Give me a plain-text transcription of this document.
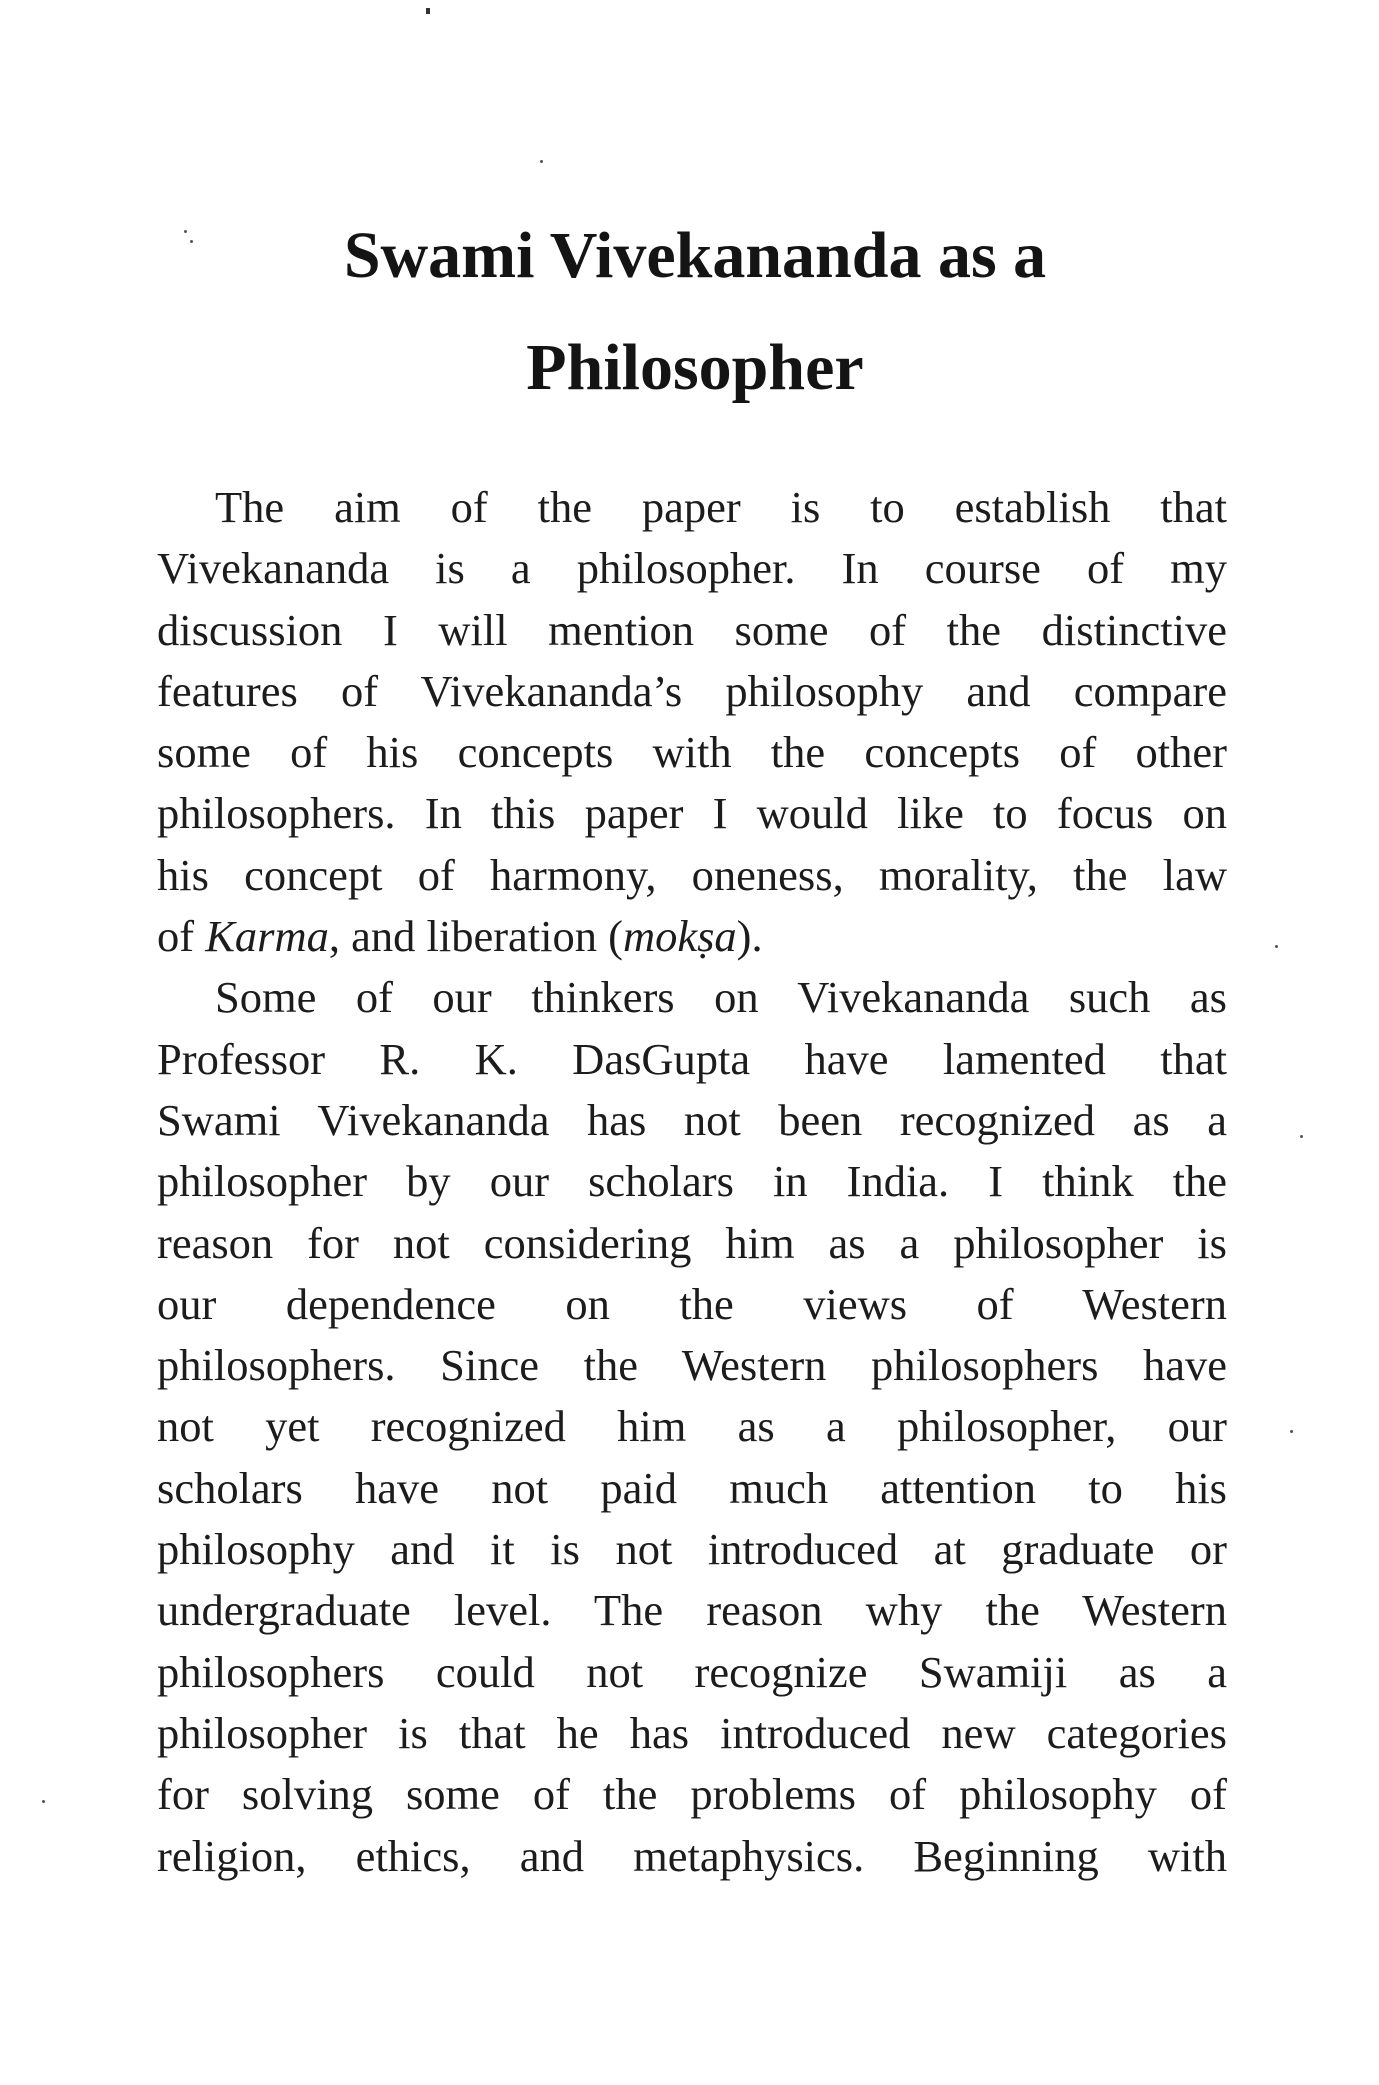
Swami Vivekananda as a
Philosopher
The aim of the paper is to establish that
Vivekananda is a philosopher. In course of my
discussion I will mention some of the distinctive
features of Vivekananda’s philosophy and compare
some of his concepts with the concepts of other
philosophers. In this paper I would like to focus on
his concept of harmony, oneness, morality, the law
of Karma, and liberation (mokṣa).
Some of our thinkers on Vivekananda such as
Professor R. K. DasGupta have lamented that
Swami Vivekananda has not been recognized as a
philosopher by our scholars in India. I think the
reason for not considering him as a philosopher is
our dependence on the views of Western
philosophers. Since the Western philosophers have
not yet recognized him as a philosopher, our
scholars have not paid much attention to his
philosophy and it is not introduced at graduate or
undergraduate level. The reason why the Western
philosophers could not recognize Swamiji as a
philosopher is that he has introduced new categories
for solving some of the problems of philosophy of
religion, ethics, and metaphysics. Beginning with
